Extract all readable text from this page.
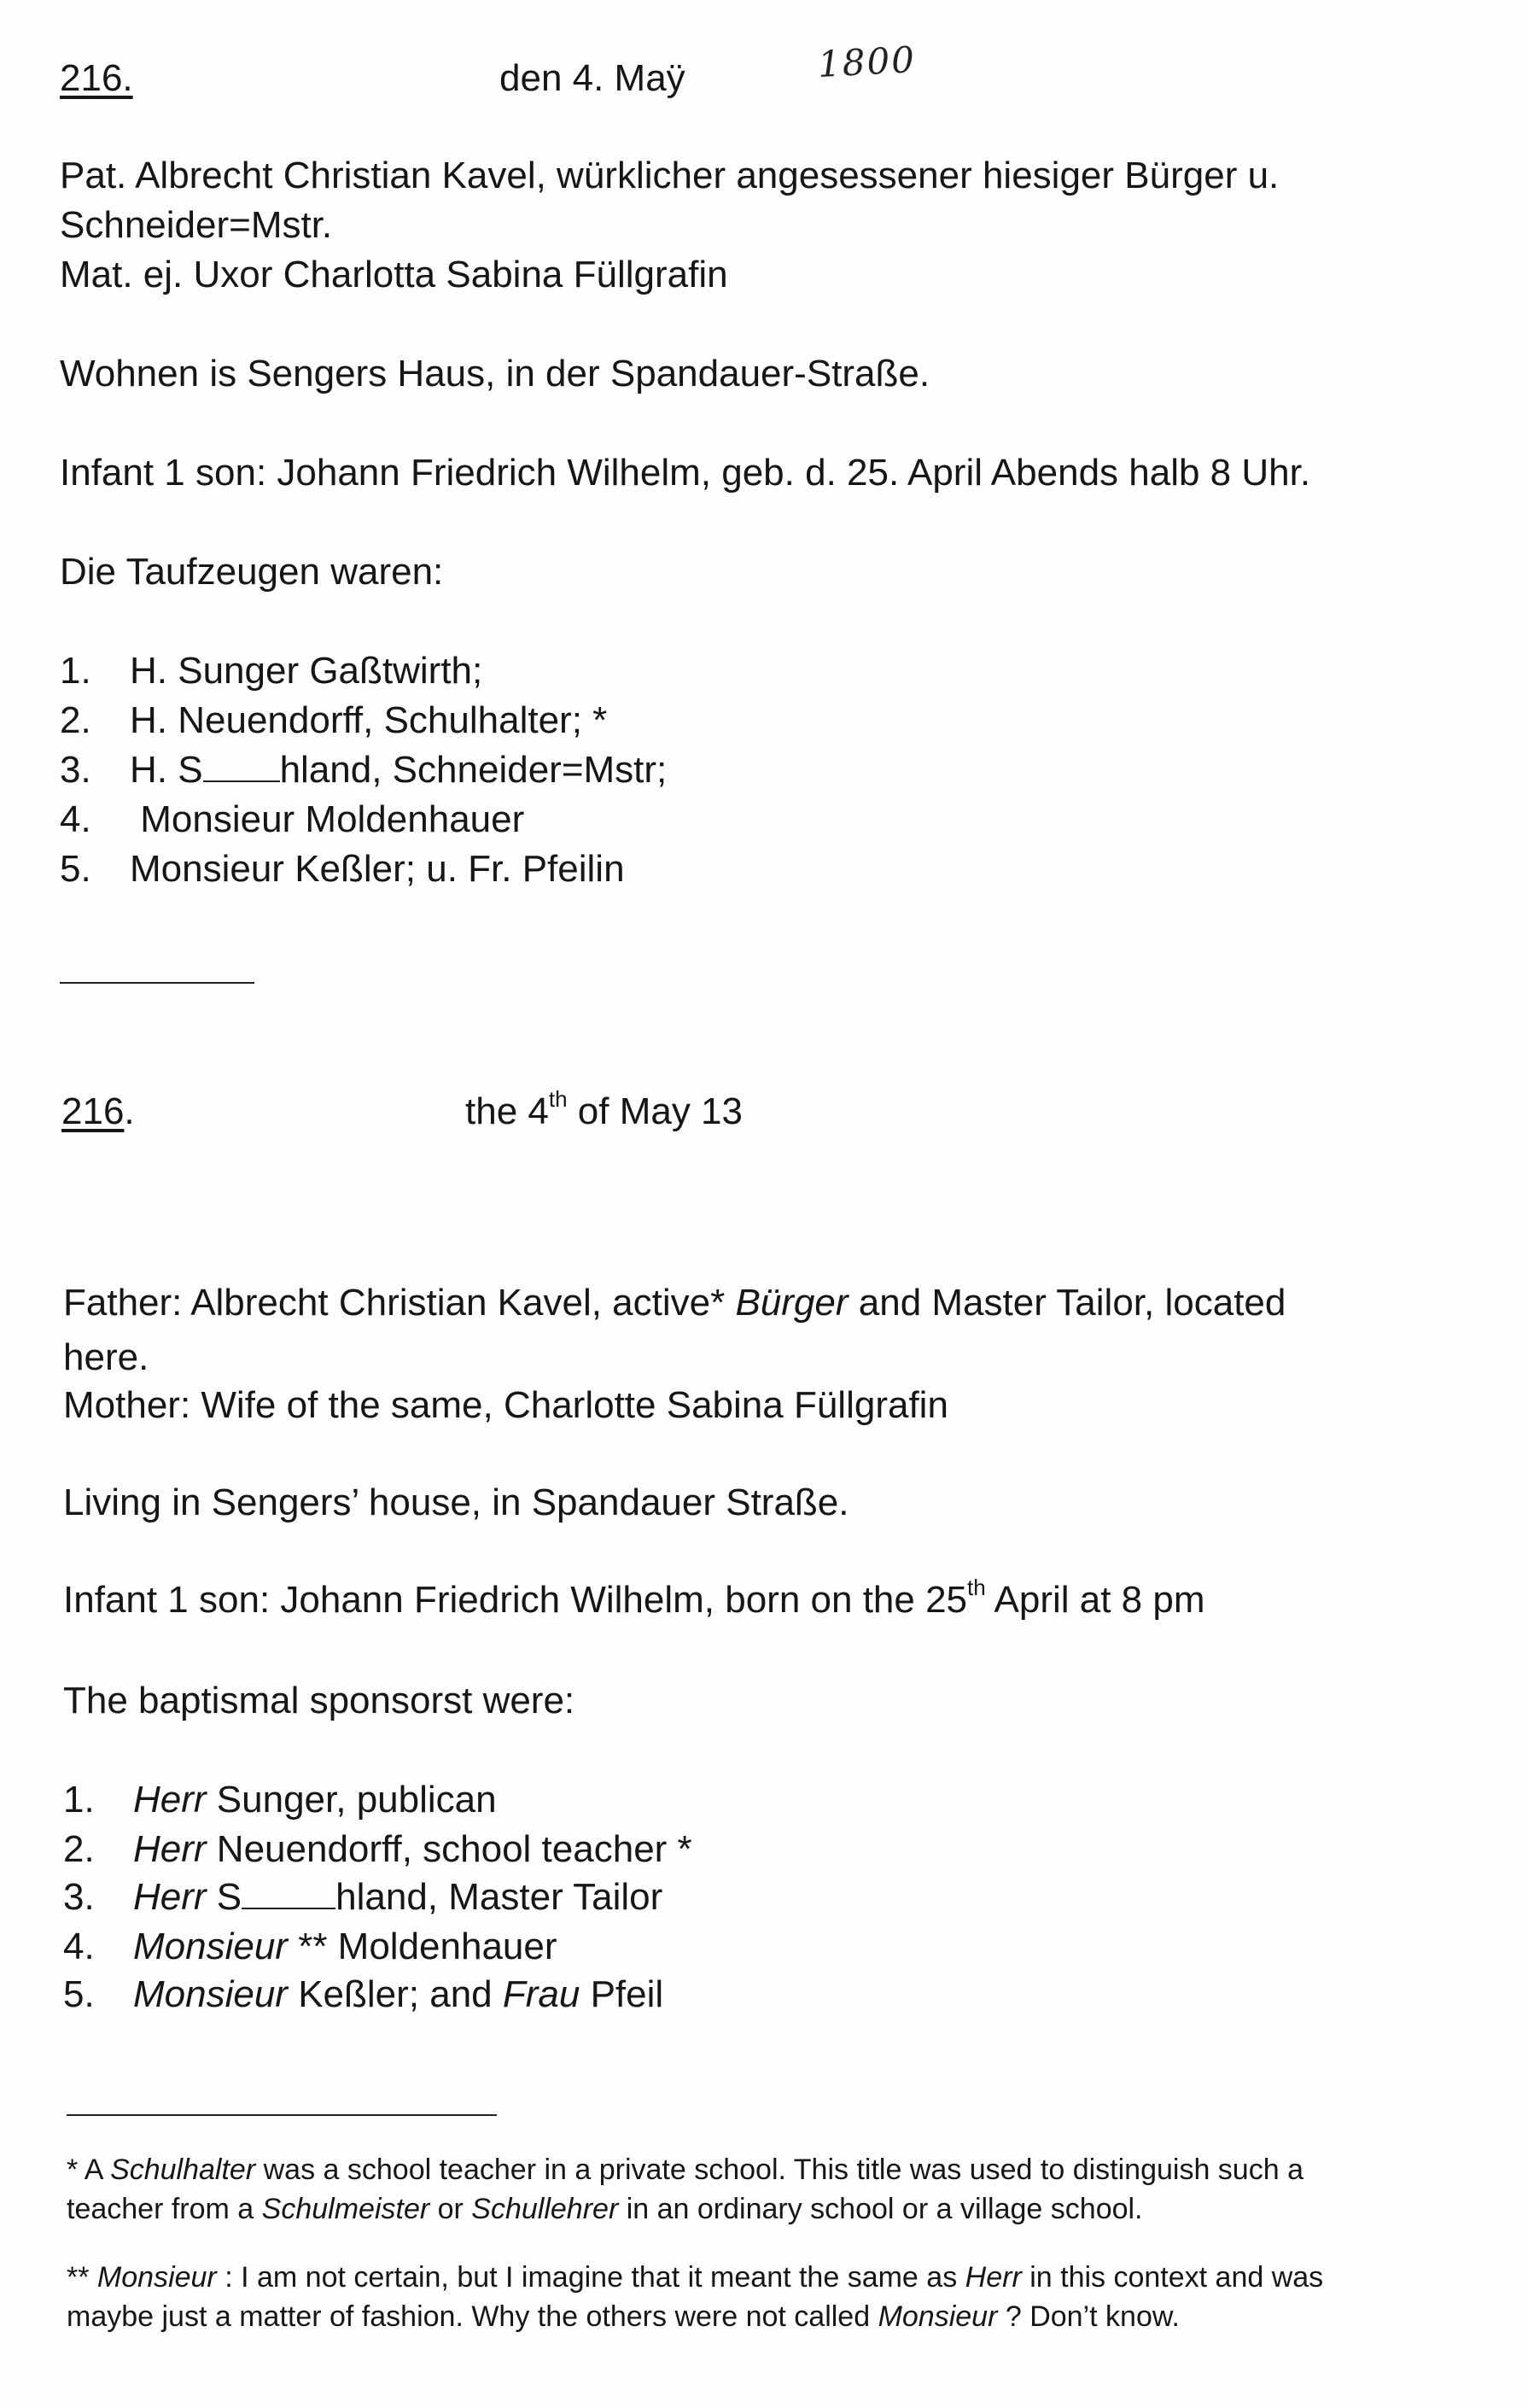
216.	den 4. Maÿ	1800
Pat. Albrecht Christian Kavel, würklicher angesessener hiesiger Bürger u.
Schneider=Mstr.
Mat. ej. Uxor Charlotta Sabina Füllgrafin
Wohnen is Sengers Haus, in der Spandauer-Straße.
Infant 1 son: Johann Friedrich Wilhelm, geb. d. 25. April Abends halb 8 Uhr.
Die Taufzeugen waren:
1. H. Sunger Gaßtwirth;
2. H. Neuendorff, Schulhalter; *
3. H. S hland, Schneider=Mstr;
4. Monsieur Moldenhauer
5. Monsieur Keßler; u. Fr. Pfeilin
216.	the 4th of May 13
Father: Albrecht Christian Kavel, active* Bürger and Master Tailor, located
here.
Mother: Wife of the same, Charlotte Sabina Füllgrafin
Living in Sengers’ house, in Spandauer Straße.
Infant 1 son: Johann Friedrich Wilhelm, born on the 25th April at 8 pm
The baptismal sponsorst were:
1. Herr Sunger, publican
2. Herr Neuendorff, school teacher *
3. Herr S	hland, Master Tailor
4. Monsieur ** Moldenhauer
5. Monsieur Keßler; and Frau Pfeil
* A Schulhalter was a school teacher in a private school. This title was used to distinguish such a
teacher from a Schulmeister or Schullehrer in an ordinary school or a village school.
** Monsieur : I am not certain, but I imagine that it meant the same as Herr in this context and was
maybe just a matter of fashion. Why the others were not called Monsieur ? Don’t know.
